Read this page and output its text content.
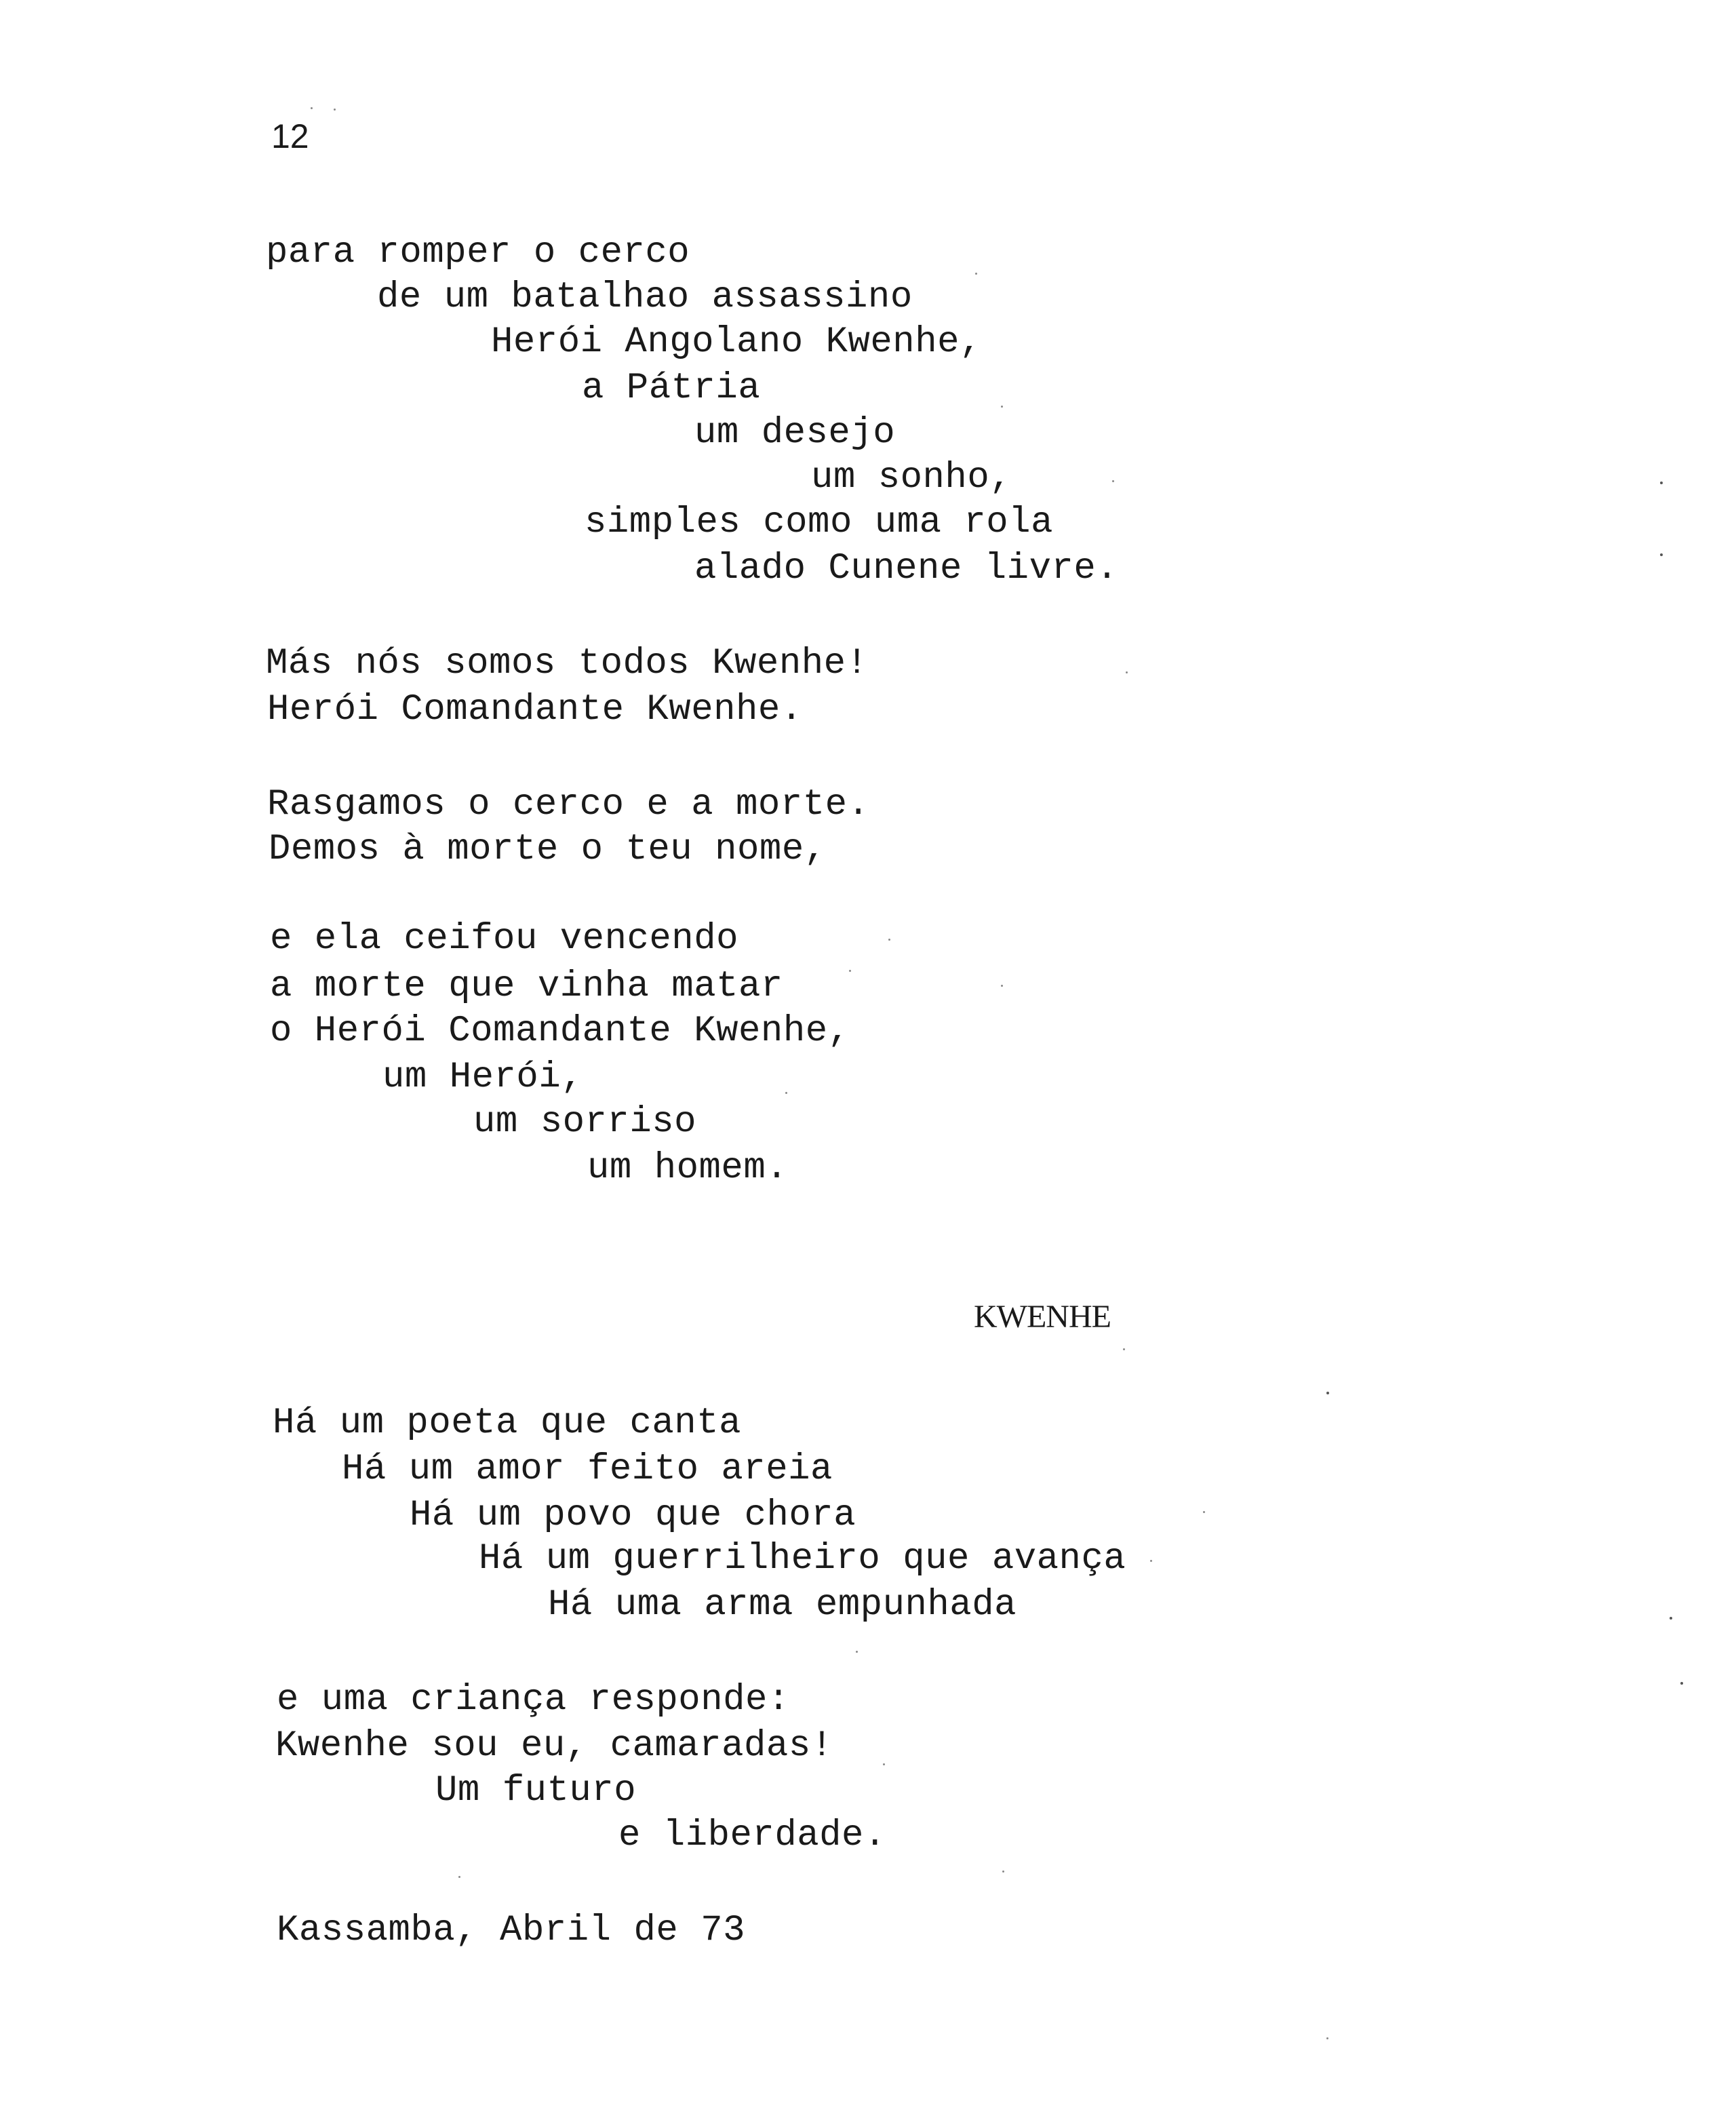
12
para romper o cerco
de um batalhao assassino
Herói Angolano Kwenhe,
a Pátria
um desejo
um sonho,
simples como uma rola
alado Cunene livre.
Más nós somos todos Kwenhe!
Herói Comandante Kwenhe.
Rasgamos o cerco e a morte.
Demos à morte o teu nome,
e ela ceifou vencendo
a morte que vinha matar
o Herói Comandante Kwenhe,
um Herói,
um sorriso
um homem.
KWENHE
Há um poeta que canta
Há um amor feito areia
Há um povo que chora
Há um guerrilheiro que avança
Há uma arma empunhada
e uma criança responde:
Kwenhe sou eu, camaradas!
Um futuro
e liberdade.
Kassamba, Abril de 73
